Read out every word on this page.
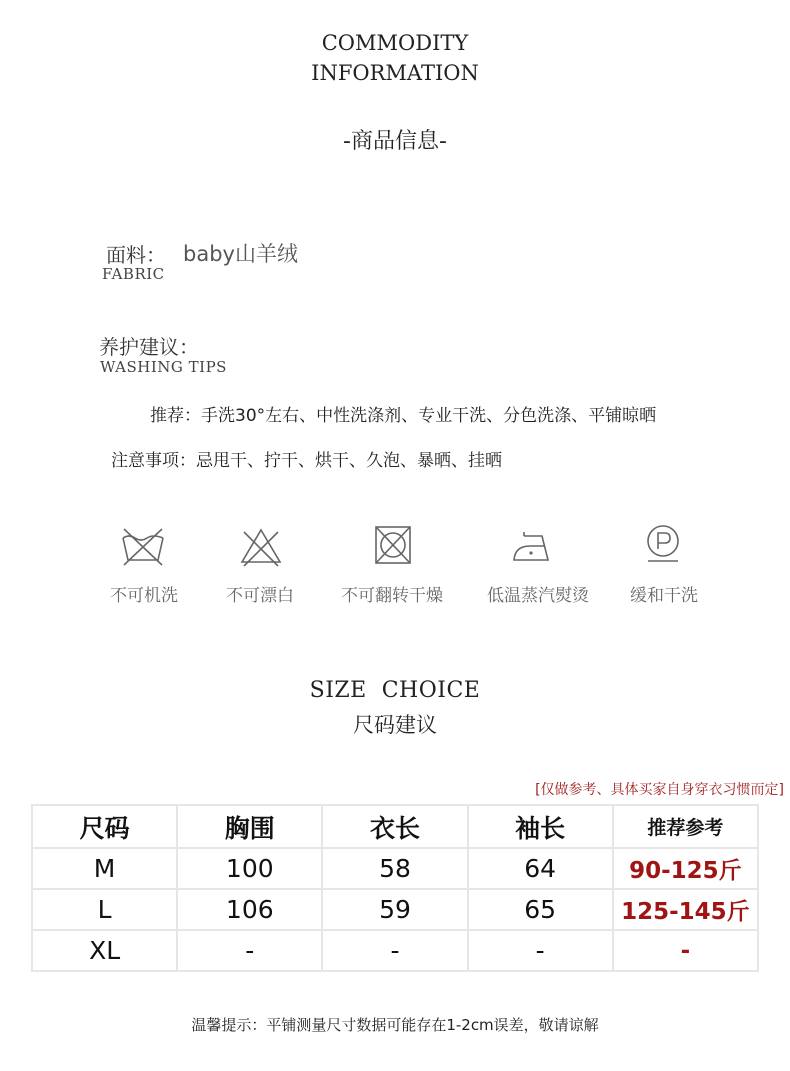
COMMODITY
INFORMATION
-商品信息-
面料： baby山羊绒
FABRIC
养护建议：
WASHING TIPS
推荐：手洗30°左右、中性洗涤剂、专业干洗、分色洗涤、平铺晾晒
注意事项：忌甩干、拧干、烘干、久泡、暴晒、挂晒
不可机洗	不可漂白	不可翻转干燥	低温蒸汽熨烫	缓和干洗
SIZE  CHOICE
尺码建议
[仅做参考、具体买家自身穿衣习惯而定]
尺码	胸围	衣长	袖长	推荐参考
M	100	58	64	90-125斤
L	106	59	65	125-145斤
XL	-	-	-	-
温馨提示：平铺测量尺寸数据可能存在1-2cm误差，敬请谅解
